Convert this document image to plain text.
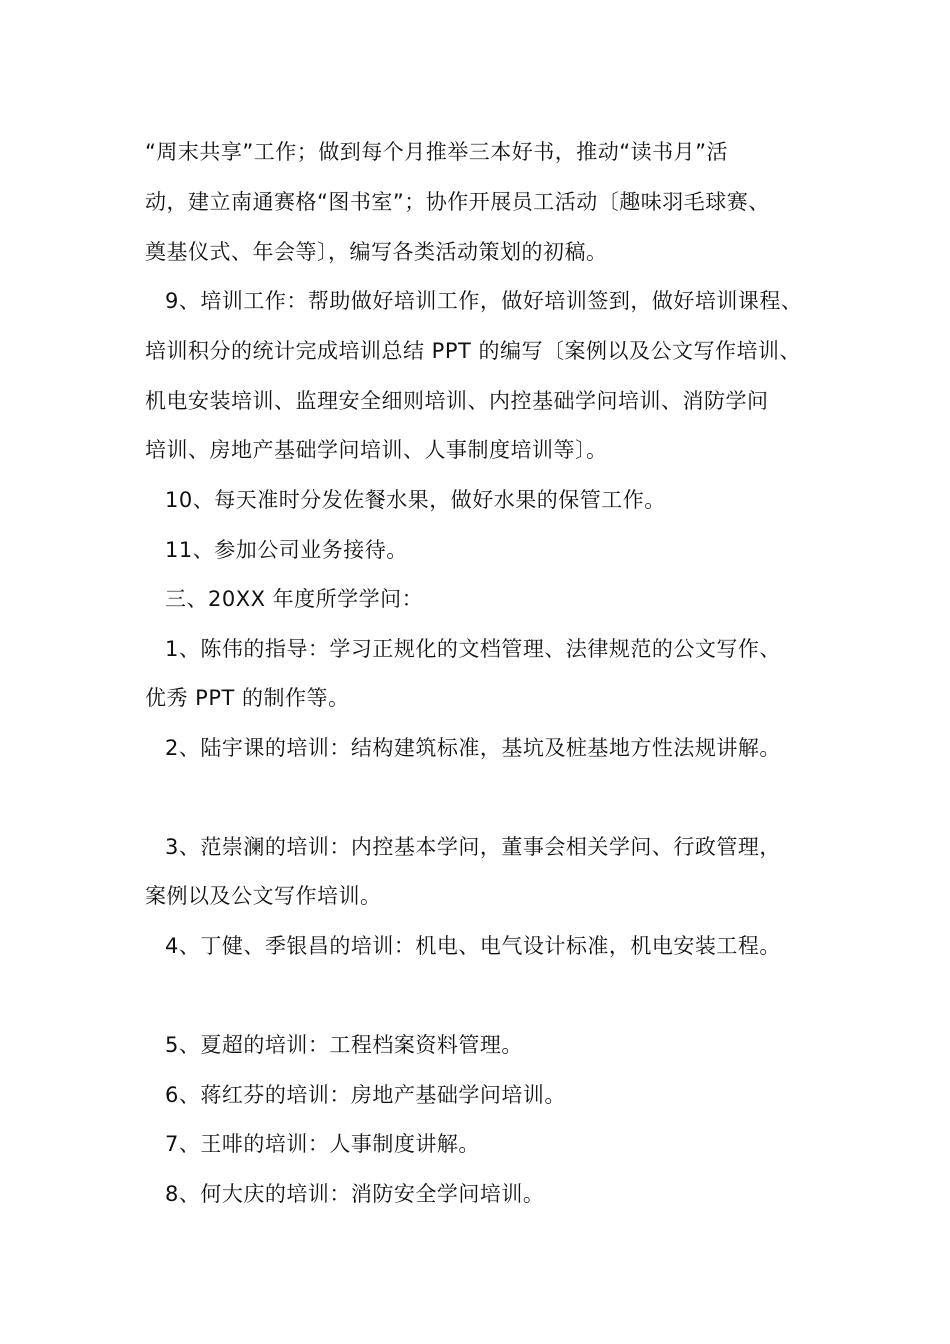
“周末共享”工作；做到每个月推举三本好书，推动“读书月”活
动，建立南通赛格“图书室”；协作开展员工活动〔趣味羽毛球赛、
奠基仪式、年会等〕，编写各类活动策划的初稿。
9、培训工作：帮助做好培训工作，做好培训签到，做好培训课程、
培训积分的统计完成培训总结 PPT 的编写〔案例以及公文写作培训、
机电安装培训、监理安全细则培训、内控基础学问培训、消防学问
培训、房地产基础学问培训、人事制度培训等〕。
10、每天准时分发佐餐水果，做好水果的保管工作。
11、参加公司业务接待。
三、20XX 年度所学学问：
1、陈伟的指导：学习正规化的文档管理、法律规范的公文写作、
优秀 PPT 的制作等。
2、陆宇课的培训：结构建筑标准，基坑及桩基地方性法规讲解。
3、范崇澜的培训：内控基本学问，董事会相关学问、行政管理，
案例以及公文写作培训。
4、丁健、季银昌的培训：机电、电气设计标准，机电安装工程。
5、夏超的培训：工程档案资料管理。
6、蒋红芬的培训：房地产基础学问培训。
7、王啡的培训：人事制度讲解。
8、何大庆的培训：消防安全学问培训。
